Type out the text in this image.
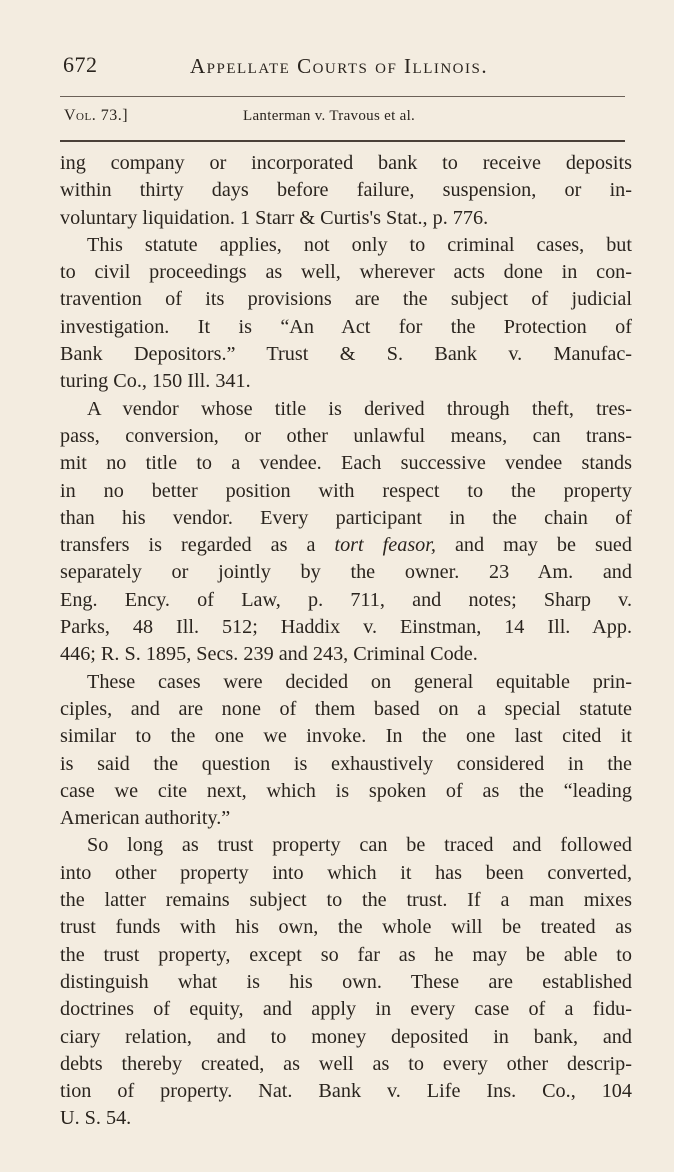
672	Appellate Courts of Illinois.
Vol. 73.]	Lanterman v. Travous et al.

ing company or incorporated bank to receive deposits
within thirty days before failure, suspension, or in-
voluntary liquidation. 1 Starr & Curtis's Stat., p. 776.

This statute applies, not only to criminal cases, but
to civil proceedings as well, wherever acts done in con-
travention of its provisions are the subject of judicial
investigation. It is “An Act for the Protection of
Bank Depositors.” Trust & S. Bank v. Manufac-
turing Co., 150 Ill. 341.

A vendor whose title is derived through theft, tres-
pass, conversion, or other unlawful means, can trans-
mit no title to a vendee. Each successive vendee stands
in no better position with respect to the property
than his vendor. Every participant in the chain of
transfers is regarded as a tort feasor, and may be sued
separately or jointly by the owner. 23 Am. and
Eng. Ency. of Law, p. 711, and notes; Sharp v.
Parks, 48 Ill. 512; Haddix v. Einstman, 14 Ill. App.
446; R. S. 1895, Secs. 239 and 243, Criminal Code.

These cases were decided on general equitable prin-
ciples, and are none of them based on a special statute
similar to the one we invoke. In the one last cited it
is said the question is exhaustively considered in the
case we cite next, which is spoken of as the “leading
American authority.”

So long as trust property can be traced and followed
into other property into which it has been converted,
the latter remains subject to the trust. If a man mixes
trust funds with his own, the whole will be treated as
the trust property, except so far as he may be able to
distinguish what is his own. These are established
doctrines of equity, and apply in every case of a fidu-
ciary relation, and to money deposited in bank, and
debts thereby created, as well as to every other descrip-
tion of property. Nat. Bank v. Life Ins. Co., 104
U. S. 54.
